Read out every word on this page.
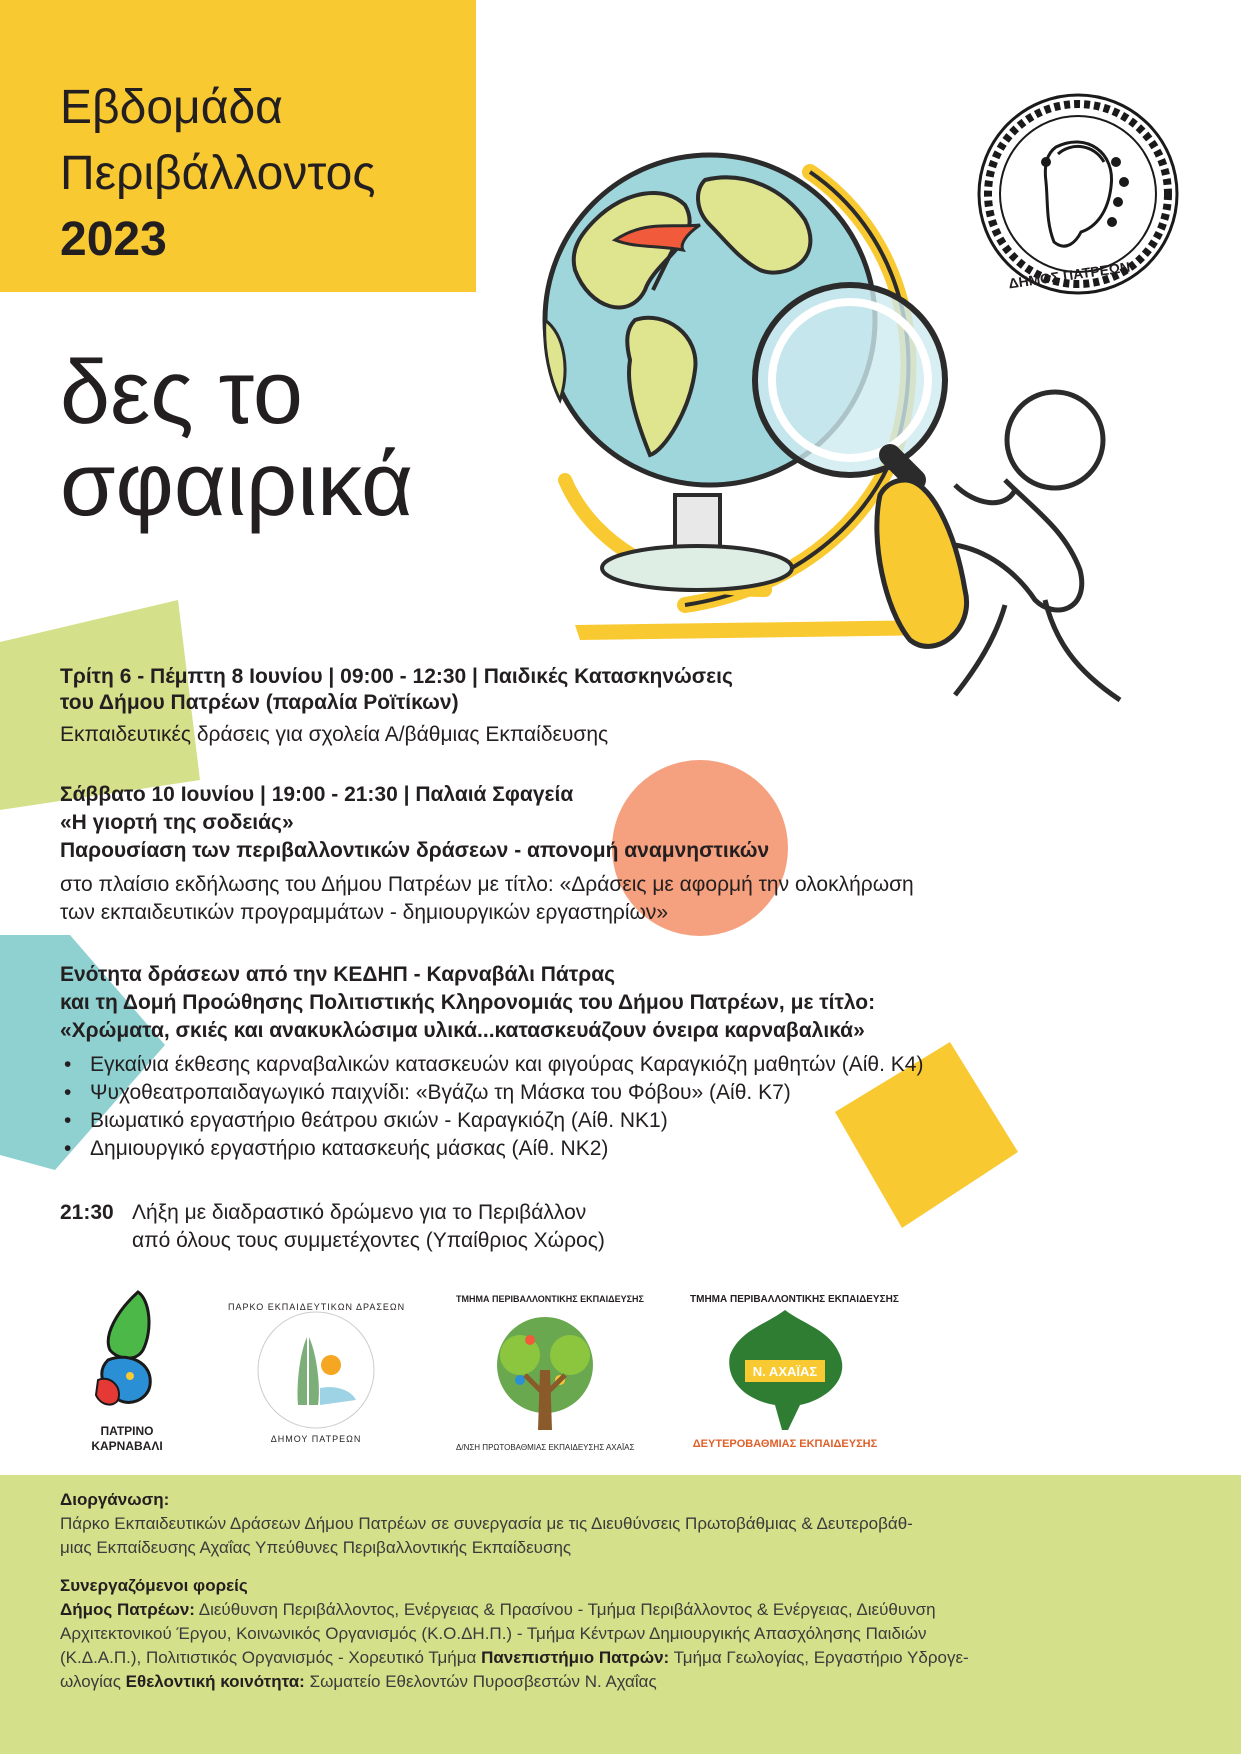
Εβδομάδα
Περιβάλλοντος
2023
δες το
σφαιρικά
ΔΗΜΟΣ ΠΑΤΡΕΩΝ
Τρίτη 6 - Πέμπτη 8 Ιουνίου | 09:00 - 12:30 | Παιδικές Κατασκηνώσεις
του Δήμου Πατρέων (παραλία Ροϊτίκων)
Εκπαιδευτικές δράσεις για σχολεία Α/βάθμιας Εκπαίδευσης
Σάββατο 10 Ιουνίου | 19:00 - 21:30 | Παλαιά Σφαγεία
«Η γιορτή της σοδειάς»
Παρουσίαση των περιβαλλοντικών δράσεων - απονομή αναμνηστικών
στο πλαίσιο εκδήλωσης του Δήμου Πατρέων με τίτλο: «Δράσεις με αφορμή την ολοκλήρωση
των εκπαιδευτικών προγραμμάτων - δημιουργικών εργαστηρίων»
Ενότητα δράσεων από την ΚΕΔΗΠ - Καρναβάλι Πάτρας
και τη Δομή Προώθησης Πολιτιστικής Κληρονομιάς του Δήμου Πατρέων, με τίτλο:
«Χρώματα, σκιές και ανακυκλώσιμα υλικά...κατασκευάζουν όνειρα καρναβαλικά»
• Εγκαίνια έκθεσης καρναβαλικών κατασκευών και φιγούρας Καραγκιόζη μαθητών (Αίθ. Κ4)
• Ψυχοθεατροπαιδαγωγικό παιχνίδι: «Βγάζω τη Μάσκα του Φόβου» (Αίθ. Κ7)
• Βιωματικό εργαστήριο θεάτρου σκιών - Καραγκιόζη (Αίθ. ΝΚ1)
• Δημιουργικό εργαστήριο κατασκευής μάσκας (Αίθ. ΝΚ2)
21:30 Λήξη με διαδραστικό δρώμενο για το Περιβάλλον
από όλους τους συμμετέχοντες (Υπαίθριος Χώρος)
ΠΑΤΡΙΝΟ ΚΑΡΝΑΒΑΛΙ
ΠΑΡΚΟ ΕΚΠΑΙΔΕΥΤΙΚΩΝ ΔΡΑΣΕΩΝ
ΔΗΜΟΥ ΠΑΤΡΕΩΝ
ΤΜΗΜΑ ΠΕΡΙΒΑΛΛΟΝΤΙΚΗΣ ΕΚΠΑΙΔΕΥΣΗΣ
Δ/ΝΣΗ ΠΡΩΤΟΒΑΘΜΙΑΣ ΕΚΠΑΙΔΕΥΣΗΣ ΑΧΑΪΑΣ
ΤΜΗΜΑ ΠΕΡΙΒΑΛΛΟΝΤΙΚΗΣ ΕΚΠΑΙΔΕΥΣΗΣ
Ν. ΑΧΑΪΑΣ
ΔΕΥΤΕΡΟΒΑΘΜΙΑΣ ΕΚΠΑΙΔΕΥΣΗΣ
Διοργάνωση:
Πάρκο Εκπαιδευτικών Δράσεων Δήμου Πατρέων σε συνεργασία με τις Διευθύνσεις Πρωτοβάθμιας & Δευτεροβάθ-
μιας Εκπαίδευσης Αχαΐας Υπεύθυνες Περιβαλλοντικής Εκπαίδευσης
Συνεργαζόμενοι φορείς
Δήμος Πατρέων: Διεύθυνση Περιβάλλοντος, Ενέργειας & Πρασίνου - Τμήμα Περιβάλλοντος & Ενέργειας, Διεύθυνση
Αρχιτεκτονικού Έργου, Κοινωνικός Οργανισμός (Κ.Ο.ΔΗ.Π.) - Τμήμα Κέντρων Δημιουργικής Απασχόλησης Παιδιών
(Κ.Δ.Α.Π.), Πολιτιστικός Οργανισμός - Χορευτικό Τμήμα Πανεπιστήμιο Πατρών: Τμήμα Γεωλογίας, Εργαστήριο Υδρογε-
ωλογίας Εθελοντική κοινότητα: Σωματείο Εθελοντών Πυροσβεστών Ν. Αχαΐας
